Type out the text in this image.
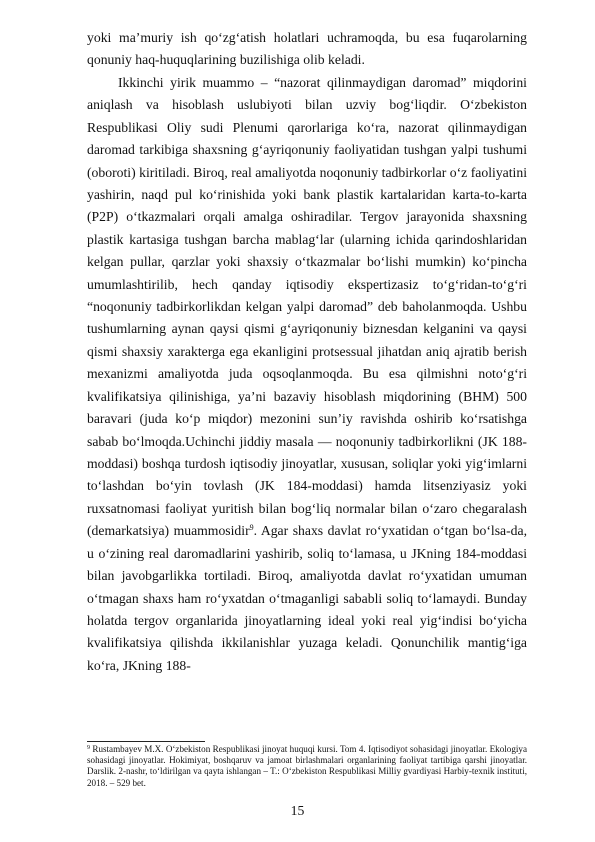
yoki ma’muriy ish qo‘zg‘atish holatlari uchramoqda, bu esa fuqarolarning qonuniy haq-huquqlarining buzilishiga olib keladi.

Ikkinchi yirik muammo – “nazorat qilinmaydigan daromad” miqdorini aniqlash va hisoblash uslubiyoti bilan uzviy bog‘liqdir. O‘zbekiston Respublikasi Oliy sudi Plenumi qarorlariga ko‘ra, nazorat qilinmaydigan daromad tarkibiga shaxsning g‘ayriqonuniy faoliyatidan tushgan yalpi tushumi (oboroti) kiritiladi. Biroq, real amaliyotda noqonuniy tadbirkorlar o‘z faoliyatini yashirin, naqd pul ko‘rinishida yoki bank plastik kartalaridan karta-to-karta (P2P) o‘tkazmalari orqali amalga oshiradilar. Tergov jarayonida shaxsning plastik kartasiga tushgan barcha mablag‘lar (ularning ichida qarindoshlaridan kelgan pullar, qarzlar yoki shaxsiy o‘tkazmalar bo‘lishi mumkin) ko‘pincha umumlashtirilib, hech qanday iqtisodiy ekspertizasiz to‘g‘ridan-to‘g‘ri “noqonuniy tadbirkorlikdan kelgan yalpi daromad” deb baholanmoqda. Ushbu tushumlarning aynan qaysi qismi g‘ayriqonuniy biznesdan kelganini va qaysi qismi shaxsiy xarakterga ega ekanligini protsessual jihatdan aniq ajratib berish mexanizmi amaliyotda juda oqsoqlanmoqda. Bu esa qilmishni noto‘g‘ri kvalifikatsiya qilinishiga, ya’ni bazaviy hisoblash miqdorining (BHM) 500 baravari (juda ko‘p miqdor) mezonini sun’iy ravishda oshirib ko‘rsatishga sabab bo‘lmoqda.Uchinchi jiddiy masala — noqonuniy tadbirkorlikni (JK 188-moddasi) boshqa turdosh iqtisodiy jinoyatlar, xususan, soliqlar yoki yig‘imlarni to‘lashdan bo‘yin tovlash (JK 184-moddasi) hamda litsenziyasiz yoki ruxsatnomasi faoliyat yuritish bilan bog‘liq normalar bilan o‘zaro chegaralash (demarkatsiya) muammosidir$^9$. Agar shaxs davlat ro‘yxatidan o‘tgan bo‘lsa-da, u o‘zining real daromadlarini yashirib, soliq to‘lamasa, u JKning 184-moddasi bilan javobgarlikka tortiladi. Biroq, amaliyotda davlat ro‘yxatidan umuman o‘tmagan shaxs ham ro‘yxatdan o‘tmaganligi sababli soliq to‘lamaydi. Bunday holatda tergov organlarida jinoyatlarning ideal yoki real yig‘indisi bo‘yicha kvalifikatsiya qilishda ikkilanishlar yuzaga keladi. Qonunchilik mantig‘iga ko‘ra, JKning 188-

$^9$ Rustambayev M.X. O‘zbekiston Respublikasi jinoyat huquqi kursi. Tom 4. Iqtisodiyot sohasidagi jinoyatlar. Ekologiya sohasidagi jinoyatlar. Hokimiyat, boshqaruv va jamoat birlashmalari organlarining faoliyat tartibiga qarshi jinoyatlar. Darslik. 2-nashr, to‘ldirilgan va qayta ishlangan – T.: O‘zbekiston Respublikasi Milliy gvardiyasi Harbiy-texnik instituti, 2018. – 529 bet.
15
